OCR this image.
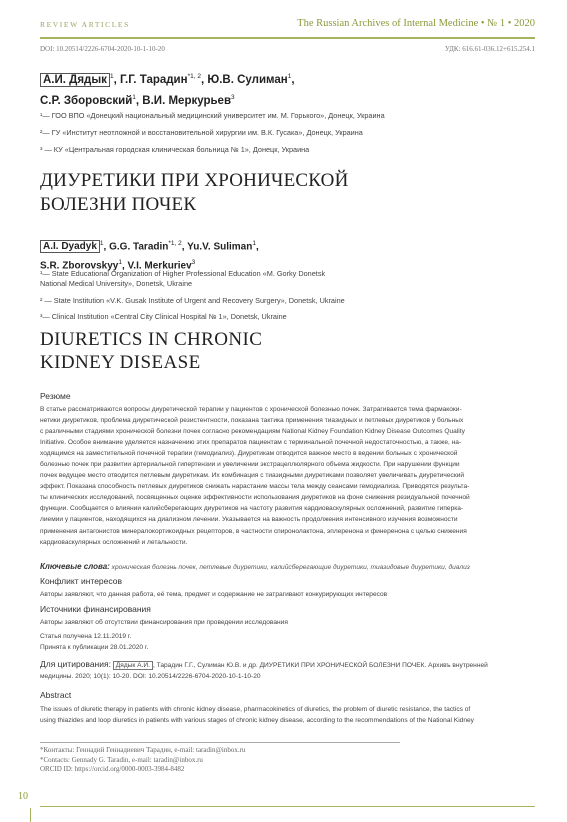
REVIEW ARTICLES	The Russian Archives of Internal Medicine • № 1 • 2020
DOI: 10.20514/2226-6704-2020-10-1-10-20	УДК: 616.61-036.12+615.254.1
А.И. Дядык $^1$, Г.Г. Тарадин$^{*1, 2}$, Ю.В. Сулиман$^1$,
С.Р. Зборовский$^1$, В.И. Меркурьев$^3$
¹— ГОО ВПО «Донецкий национальный медицинский университет им. М. Горького», Донецк, Украина
²— ГУ «Институт неотложной и восстановительной хирургии им. В.К. Гусака», Донецк, Украина
³ — КУ «Центральная городская клиническая больница № 1», Донецк, Украина
ДИУРЕТИКИ ПРИ ХРОНИЧЕСКОЙ
БОЛЕЗНИ ПОЧЕК
A.I. Dyadyk $^1$, G.G. Taradin$^{*1, 2}$, Yu.V. Suliman$^1$,
S.R. Zborovskyy$^1$, V.I. Merkuriev$^3$
¹— State Educational Organization of Higher Professional Education «M. Gorky Donetsk
National Medical University», Donetsk, Ukraine
² — State Institution «V.K. Gusak Institute of Urgent and Recovery Surgery», Donetsk, Ukraine
³— Clinical Institution «Central City Clinical Hospital № 1», Donetsk, Ukraine
DIURETICS IN CHRONIC
KIDNEY DISEASE
Резюме
В статье рассматриваются вопросы диуретической терапии у пациентов с хронической болезнью почек. Затрагивается тема фармакоки-
нетики диуретиков, проблема диуретической резистентности, показана тактика применения тиазидных и петлевых диуретиков у больных
с различными стадиями хронической болезни почек согласно рекомендациям National Kidney Foundation Kidney Disease Outcomes Quality
Initiative. Особое внимание уделяется назначению этих препаратов пациентам с терминальной почечной недостаточностью, а также, на-
ходящимся на заместительной почечной терапии (гемодиализ). Диуретикам отводится важное место в ведении больных с хронической
болезнью почек при развитии артериальной гипертензии и увеличении экстрацеллюлярного объема жидкости. При нарушении функции
почек ведущее место отводится петлевым диуретикам. Их комбинация с тиазидными диуретиками позволяет увеличивать диуретический
эффект. Показана способность петлевых диуретиков снижать нарастание массы тела между сеансами гемодиализа. Приводятся результа-
ты клинических исследований, посвященных оценке эффективности использования диуретиков на фоне снижения резидуальной почечной
функции. Сообщается о влиянии калийсберегающих диуретиков на частоту развития кардиоваскулярных осложнений, развитие гиперка-
лиемии у пациентов, находящихся на диализном лечении. Указывается на важность продолжения интенсивного изучения возможности
применения антагонистов минералокортикоидных рецепторов, в частности спиронолактона, эплеренона и финеренона с целью снижения
кардиоваскулярных осложнений и летальности.
Ключевые слова: хроническая болезнь почек, петлевые диуретики, калийсберегающие диуретики, тиазидовые диуретики, диализ
Конфликт интересов
Авторы заявляют, что данная работа, её тема, предмет и содержание не затрагивают конкурирующих интересов
Источники финансирования
Авторы заявляют об отсутствии финансирования при проведении исследования
Статья получена 12.11.2019 г.
Принята к публикации 28.01.2020 г.
Для цитирования: Дядык А.И. , Тарадин Г.Г., Сулиман Ю.В. и др. ДИУРЕТИКИ ПРИ ХРОНИЧЕСКОЙ БОЛЕЗНИ ПОЧЕК. Архивъ внутренней
медицины. 2020; 10(1): 10-20. DOI: 10.20514/2226-6704-2020-10-1-10-20
Abstract
The issues of diuretic therapy in patients with chronic kidney disease, pharmacokinetics of diuretics, the problem of diuretic resistance, the tactics of
using thiazides and loop diuretics in patients with various stages of chronic kidney disease, according to the recommendations of the National Kidney
*Контакты: Геннадий Геннадиевич Тарадин, e-mail: taradin@inbox.ru
*Contacts: Gennady G. Taradin, e-mail: taradin@inbox.ru
ORCID ID: https://orcid.org/0000-0003-3984-8482
10
